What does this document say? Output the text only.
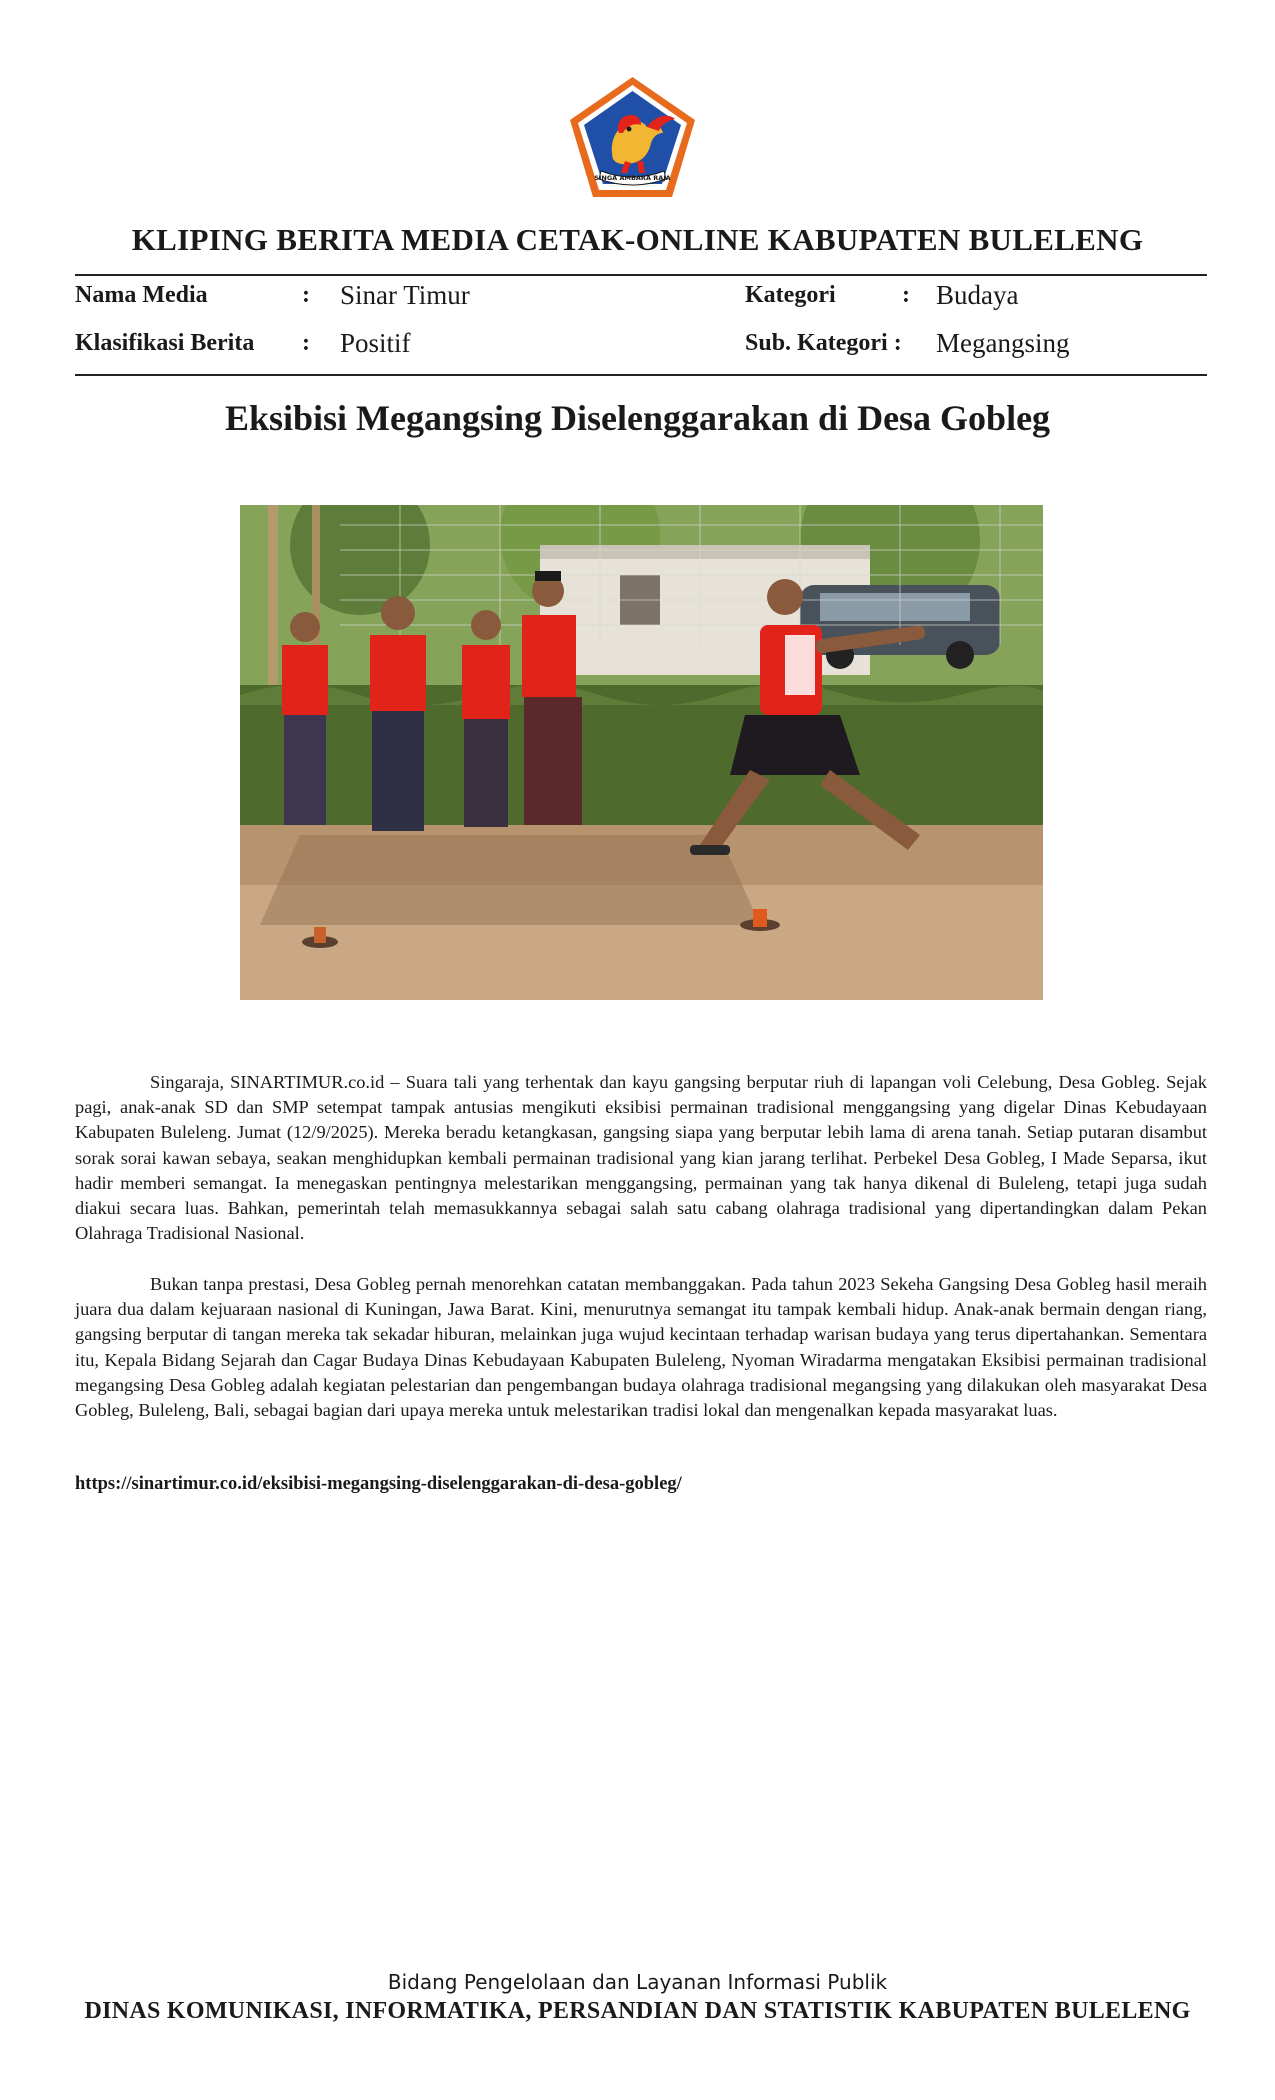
SINGA AMBARA RAJA
KLIPING BERITA MEDIA CETAK-ONLINE KABUPATEN BULELENG
Nama Media	: Sinar Timur	Kategori	: Budaya
Klasifikasi Berita : Positif	Sub. Kategori : Megangsing
Eksibisi Megangsing Diselenggarakan di Desa Gobleg

Singaraja, SINARTIMUR.co.id – Suara tali yang terhentak dan kayu gangsing berputar riuh di lapangan voli Celebung, Desa Gobleg. Sejak pagi, anak-anak SD dan SMP setempat tampak antusias mengikuti eksibisi permainan tradisional menggangsing yang digelar Dinas Kebudayaan Kabupaten Buleleng. Jumat (12/9/2025). Mereka beradu ketangkasan, gangsing siapa yang berputar lebih lama di arena tanah. Setiap putaran disambut sorak sorai kawan sebaya, seakan menghidupkan kembali permainan tradisional yang kian jarang terlihat. Perbekel Desa Gobleg, I Made Separsa, ikut hadir memberi semangat. Ia menegaskan pentingnya melestarikan menggangsing, permainan yang tak hanya dikenal di Buleleng, tetapi juga sudah diakui secara luas. Bahkan, pemerintah telah memasukkannya sebagai salah satu cabang olahraga tradisional yang dipertandingkan dalam Pekan Olahraga Tradisional Nasional.

Bukan tanpa prestasi, Desa Gobleg pernah menorehkan catatan membanggakan. Pada tahun 2023 Sekeha Gangsing Desa Gobleg hasil meraih juara dua dalam kejuaraan nasional di Kuningan, Jawa Barat. Kini, menurutnya semangat itu tampak kembali hidup. Anak-anak bermain dengan riang, gangsing berputar di tangan mereka tak sekadar hiburan, melainkan juga wujud kecintaan terhadap warisan budaya yang terus dipertahankan. Sementara itu, Kepala Bidang Sejarah dan Cagar Budaya Dinas Kebudayaan Kabupaten Buleleng, Nyoman Wiradarma mengatakan Eksibisi permainan tradisional megangsing Desa Gobleg adalah kegiatan pelestarian dan pengembangan budaya olahraga tradisional megangsing yang dilakukan oleh masyarakat Desa Gobleg, Buleleng, Bali, sebagai bagian dari upaya mereka untuk melestarikan tradisi lokal dan mengenalkan kepada masyarakat luas.

https://sinartimur.co.id/eksibisi-megangsing-diselenggarakan-di-desa-gobleg/
Bidang Pengelolaan dan Layanan Informasi Publik
DINAS KOMUNIKASI, INFORMATIKA, PERSANDIAN DAN STATISTIK KABUPATEN BULELENG
